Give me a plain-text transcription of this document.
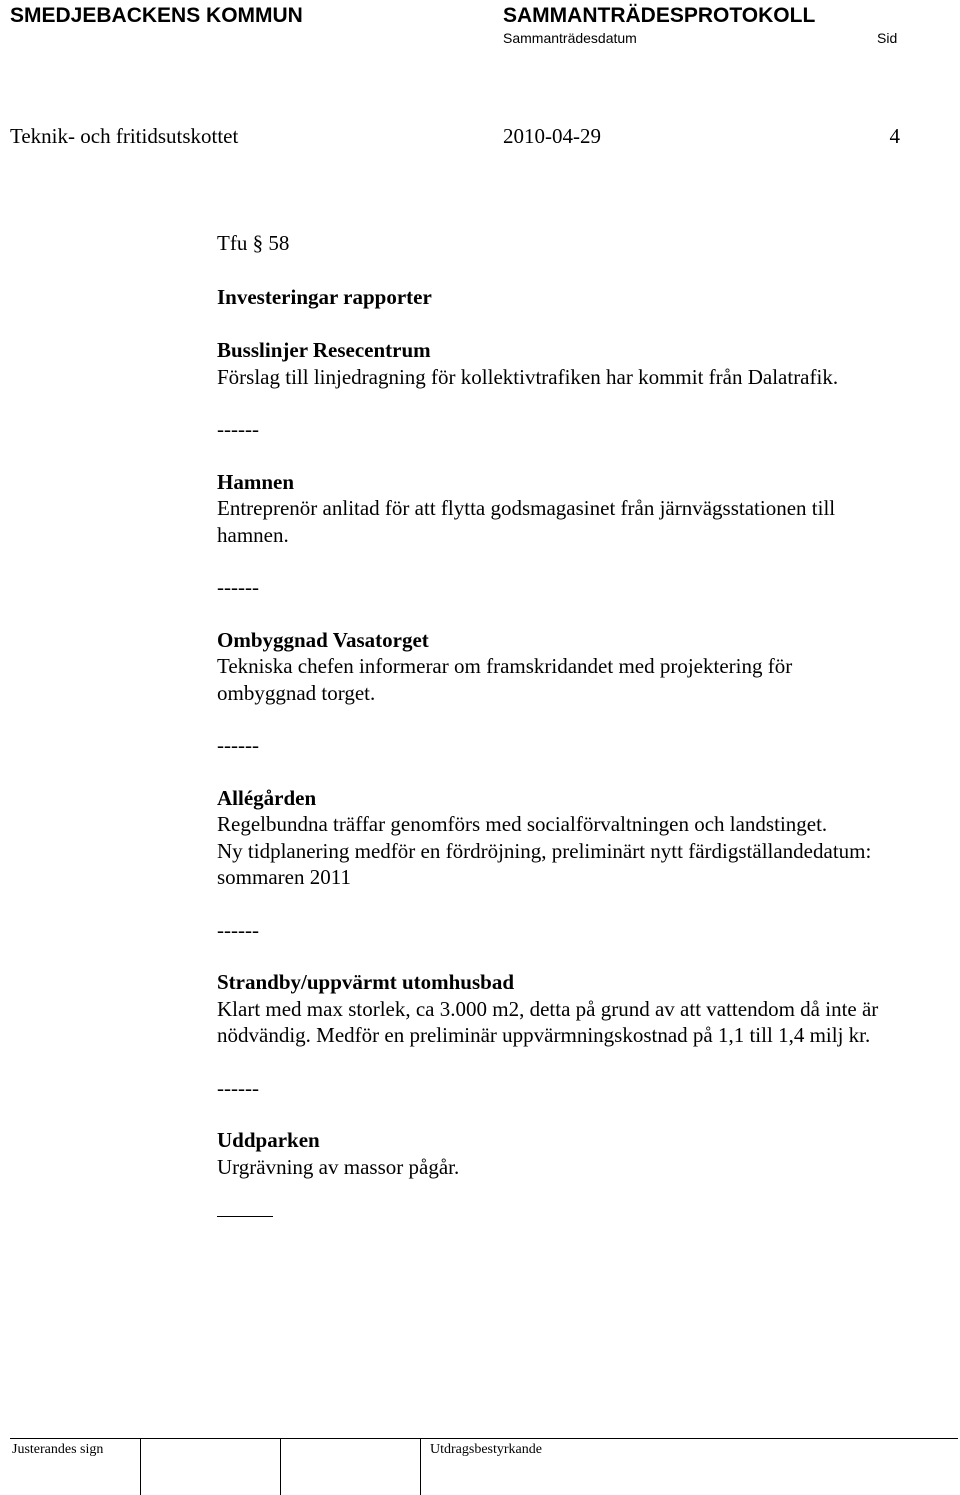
SMEDJEBACKENS KOMMUN	SAMMANTRÄDESPROTOKOLL
Sammanträdesdatum	Sid
Teknik- och fritidsutskottet	2010-04-29	4
Tfu § 58
Investeringar rapporter
Busslinjer Resecentrum
Förslag till linjedragning för kollektivtrafiken har kommit från Dalatrafik.
------
Hamnen
Entreprenör anlitad för att flytta godsmagasinet från järnvägsstationen till
hamnen.
------
Ombyggnad Vasatorget
Tekniska chefen informerar om framskridandet med projektering för
ombyggnad torget.
------
Allégården
Regelbundna träffar genomförs med socialförvaltningen och landstinget.
Ny tidplanering medför en fördröjning, preliminärt nytt färdigställandedatum:
sommaren 2011
------
Strandby/uppvärmt utomhusbad
Klart med max storlek, ca 3.000 m2, detta på grund av att vattendom då inte är
nödvändig. Medför en preliminär uppvärmningskostnad på 1,1 till 1,4 milj kr.
------
Uddparken
Urgrävning av massor pågår.
Justerandes sign	Utdragsbestyrkande
